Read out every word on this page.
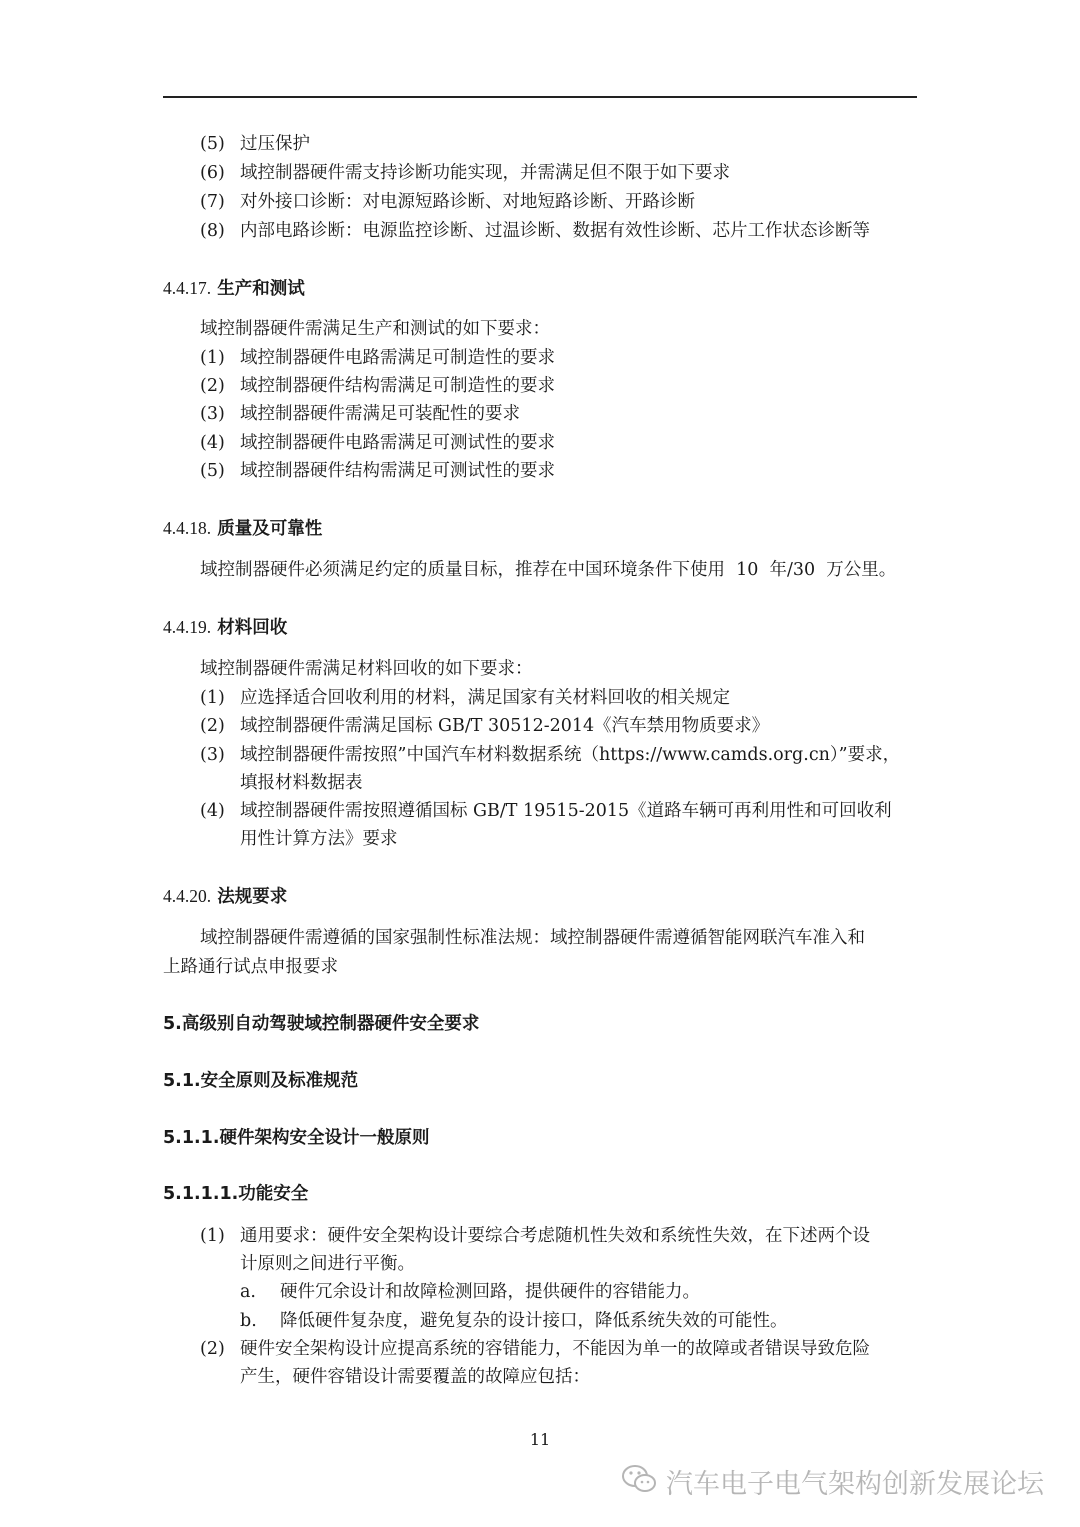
(5) 过压保护
(6) 域控制器硬件需支持诊断功能实现，并需满足但不限于如下要求
(7) 对外接口诊断：对电源短路诊断、对地短路诊断、开路诊断
(8) 内部电路诊断：电源监控诊断、过温诊断、数据有效性诊断、芯片工作状态诊断等
4.4.17. 生产和测试
域控制器硬件需满足生产和测试的如下要求：
(1) 域控制器硬件电路需满足可制造性的要求
(2) 域控制器硬件结构需满足可制造性的要求
(3) 域控制器硬件需满足可装配性的要求
(4) 域控制器硬件电路需满足可测试性的要求
(5) 域控制器硬件结构需满足可测试性的要求
4.4.18. 质量及可靠性
域控制器硬件必须满足约定的质量目标，推荐在中国环境条件下使用  10  年/30  万公里。
4.4.19. 材料回收
域控制器硬件需满足材料回收的如下要求：
(1) 应选择适合回收利用的材料，满足国家有关材料回收的相关规定
(2) 域控制器硬件需满足国标 GB/T 30512-2014《汽车禁用物质要求》
(3) 域控制器硬件需按照”中国汽车材料数据系统（https://www.camds.org.cn）”要求，
填报材料数据表
(4) 域控制器硬件需按照遵循国标 GB/T 19515-2015《道路车辆可再利用性和可回收利
用性计算方法》要求
4.4.20. 法规要求
域控制器硬件需遵循的国家强制性标准法规：域控制器硬件需遵循智能网联汽车准入和
上路通行试点申报要求
5.高级别自动驾驶域控制器硬件安全要求
5.1.安全原则及标准规范
5.1.1.硬件架构安全设计一般原则
5.1.1.1.功能安全
(1) 通用要求：硬件安全架构设计要综合考虑随机性失效和系统性失效，在下述两个设
计原则之间进行平衡。
a. 硬件冗余设计和故障检测回路，提供硬件的容错能力。
b. 降低硬件复杂度，避免复杂的设计接口，降低系统失效的可能性。
(2) 硬件安全架构设计应提高系统的容错能力，不能因为单一的故障或者错误导致危险
产生，硬件容错设计需要覆盖的故障应包括：
11
汽车电子电气架构创新发展论坛
